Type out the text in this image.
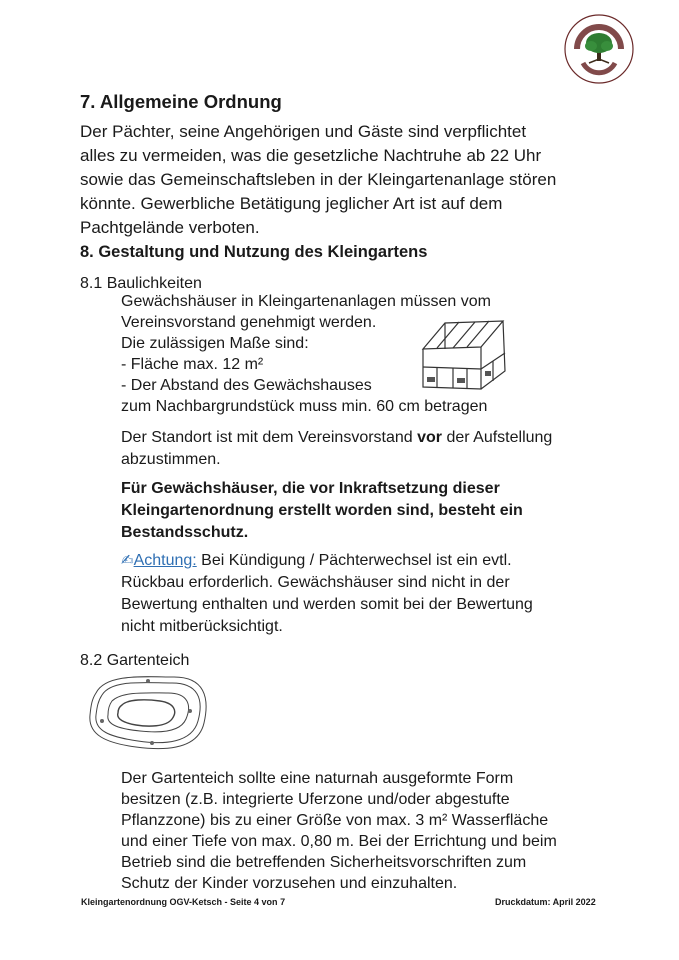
7. Allgemeine Ordnung
Der Pächter, seine Angehörigen und Gäste sind verpflichtet
alles zu vermeiden, was die gesetzliche Nachtruhe ab 22 Uhr
sowie das Gemeinschaftsleben in der Kleingartenanlage stören
könnte. Gewerbliche Betätigung jeglicher Art ist auf dem
Pachtgelände verboten.
8. Gestaltung und Nutzung des Kleingartens
8.1 Baulichkeiten
Gewächshäuser in Kleingartenanlagen müssen vom
Vereinsvorstand genehmigt werden.
Die zulässigen Maße sind:
- Fläche max. 12 m²
- Der Abstand des Gewächshauses
zum Nachbargrundstück muss min. 60 cm betragen
Der Standort ist mit dem Vereinsvorstand vor der Aufstellung
abzustimmen.
Für Gewächshäuser, die vor Inkraftsetzung dieser
Kleingartenordnung erstellt worden sind, besteht ein
Bestandsschutz.
✍︎Achtung: Bei Kündigung / Pächterwechsel ist ein evtl.
Rückbau erforderlich. Gewächshäuser sind nicht in der
Bewertung enthalten und werden somit bei der Bewertung
nicht mitberücksichtigt.
8.2 Gartenteich
Der Gartenteich sollte eine naturnah ausgeformte Form
besitzen (z.B. integrierte Uferzone und/oder abgestufte
Pflanzzone) bis zu einer Größe von max. 3 m² Wasserfläche
und einer Tiefe von max. 0,80 m. Bei der Errichtung und beim
Betrieb sind die betreffenden Sicherheitsvorschriften zum
Schutz der Kinder vorzusehen und einzuhalten.
Kleingartenordnung OGV-Ketsch - Seite 4 von 7	Druckdatum: April 2022
